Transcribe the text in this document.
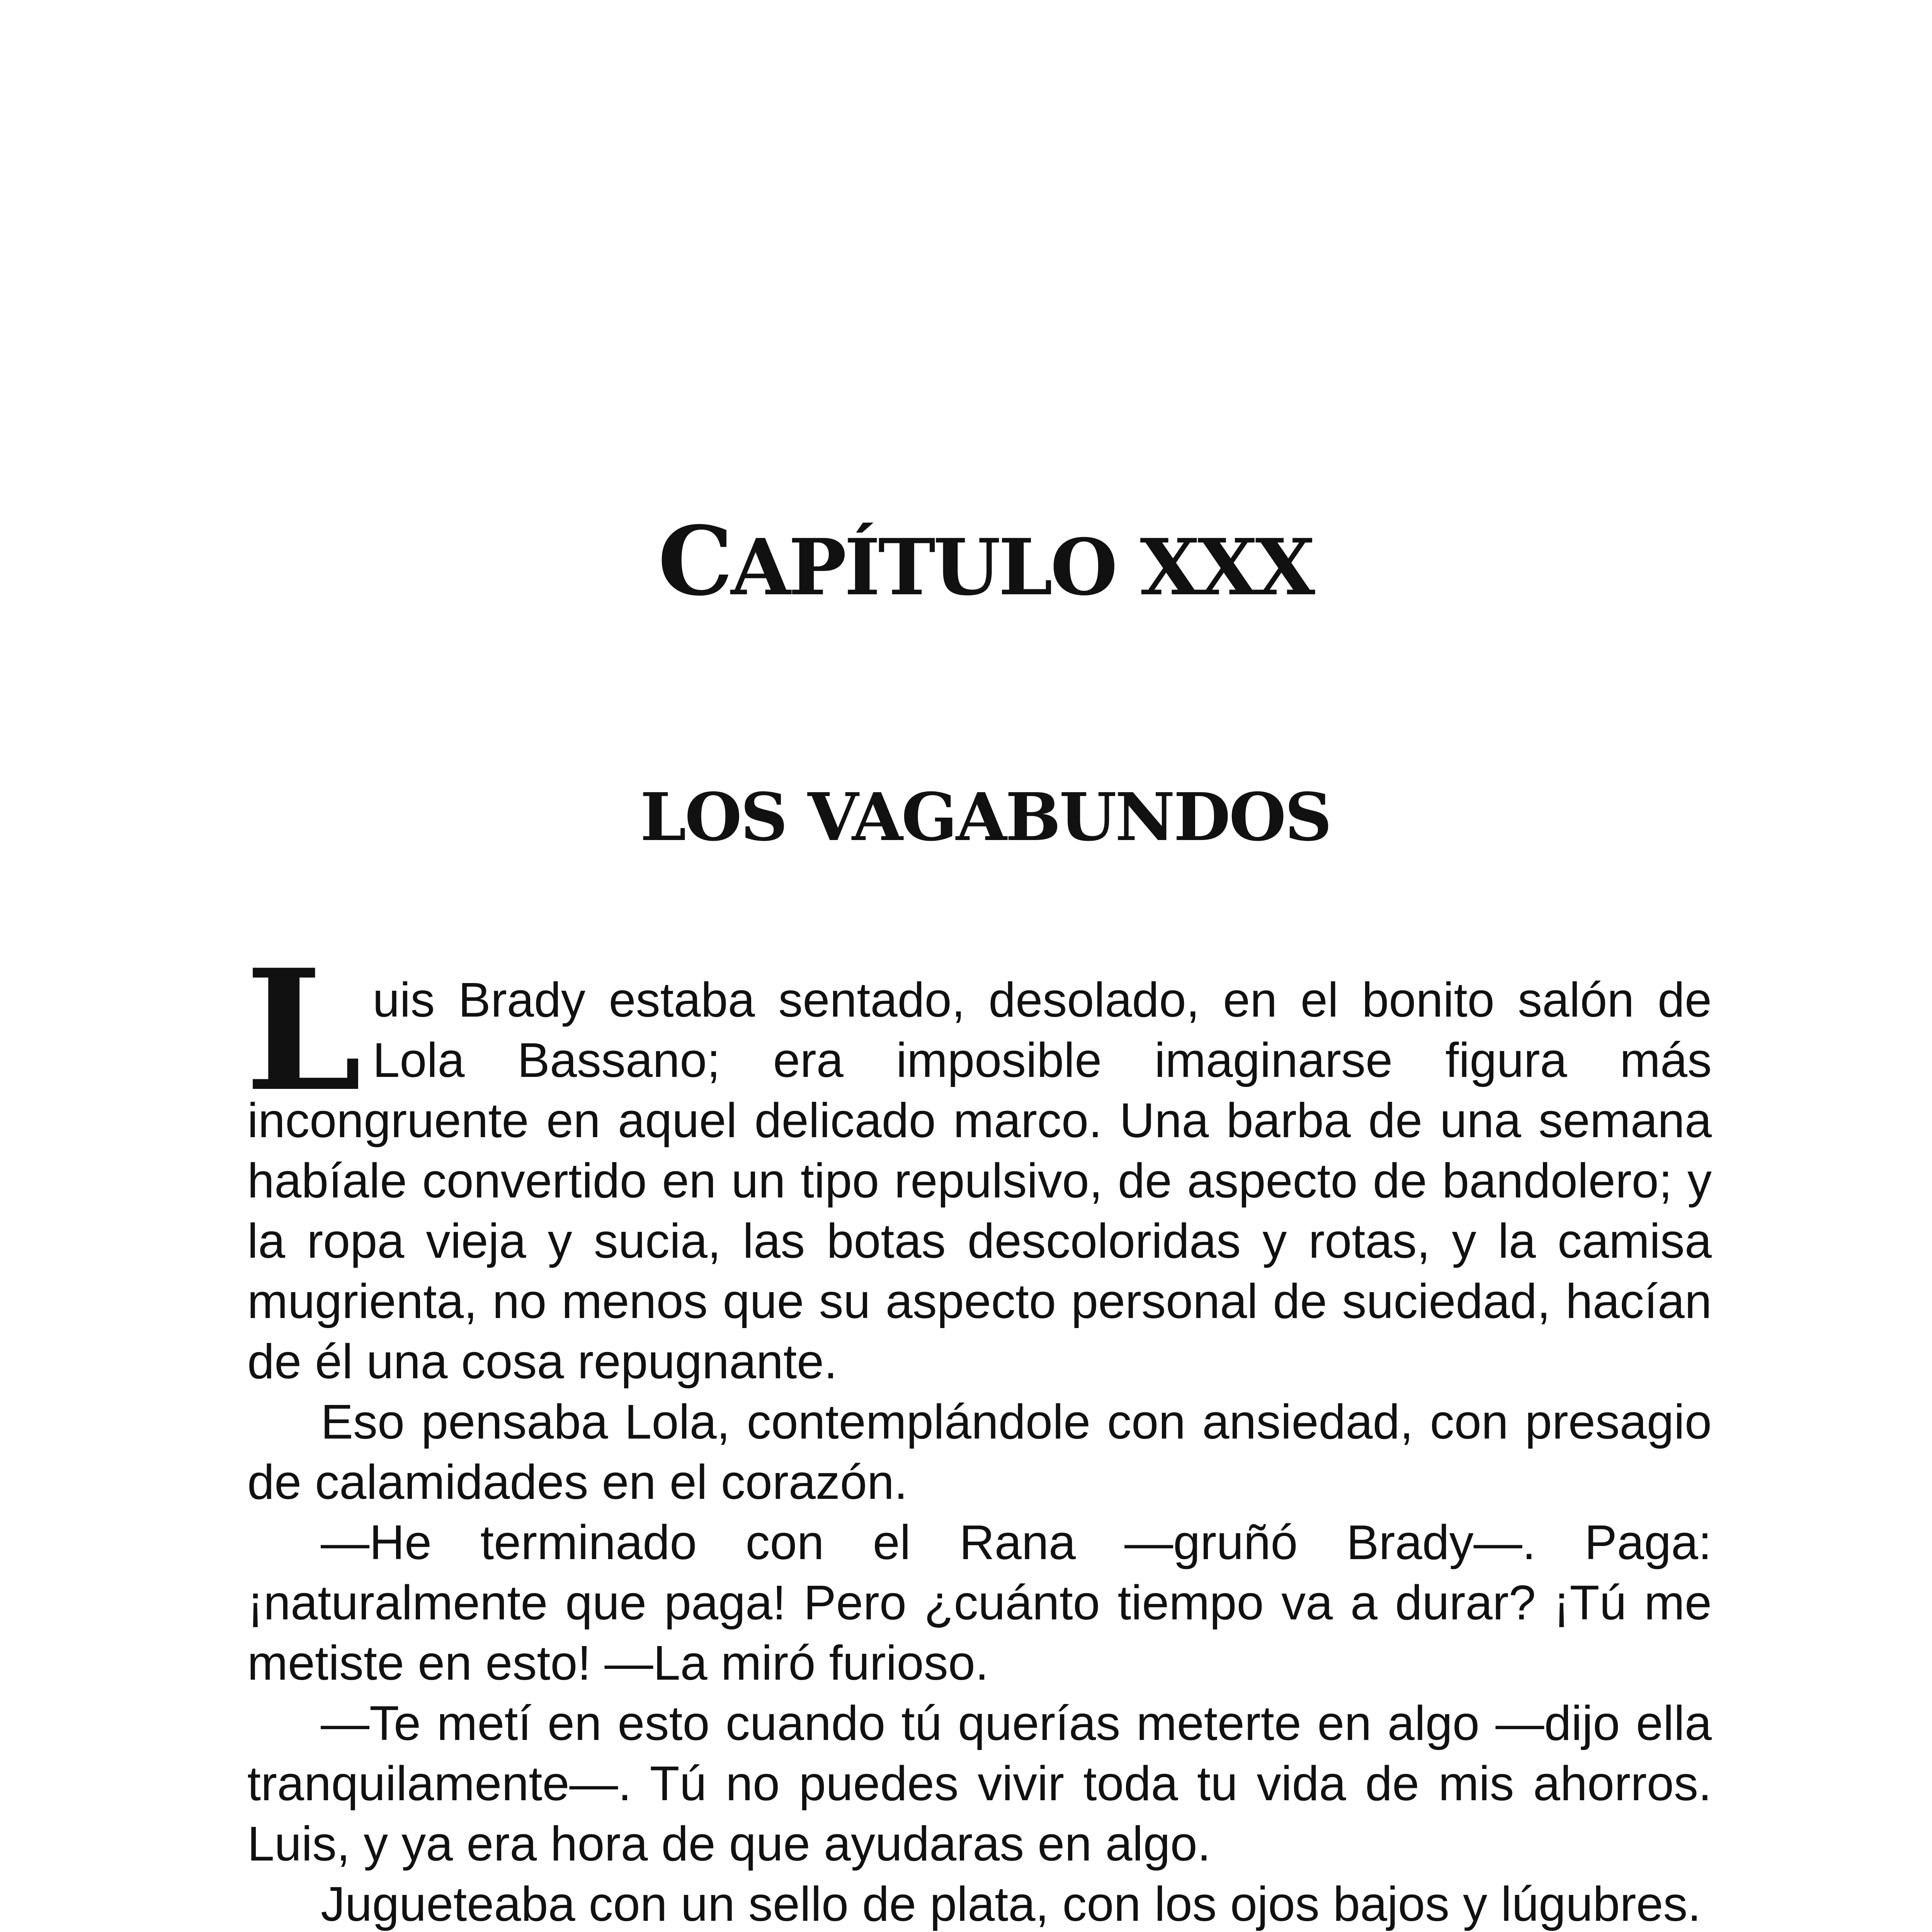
CAPÍTULO XXX
LOS VAGABUNDOS

Luis Brady estaba sentado, desolado, en el bonito salón de Lola Bassano; era imposible imaginarse figura más incongruente en aquel delicado marco. Una barba de una semana habíale convertido en un tipo repulsivo, de aspecto de bandolero; y la ropa vieja y sucia, las botas descoloridas y rotas, y la camisa mugrienta, no menos que su aspecto personal de suciedad, hacían de él una cosa repugnante.

Eso pensaba Lola, contemplándole con ansiedad, con presagio de calamidades en el corazón.

—He terminado con el Rana —gruñó Brady—. Paga: ¡naturalmente que paga! Pero ¿cuánto tiempo va a durar? ¡Tú me metiste en esto! —La miró furioso.

—Te metí en esto cuando tú querías meterte en algo —dijo ella tranquilamente—. Tú no puedes vivir toda tu vida de mis ahorros. Luis, y ya era hora de que ayudaras en algo.

Jugueteaba con un sello de plata, con los ojos bajos y lúgubres.
